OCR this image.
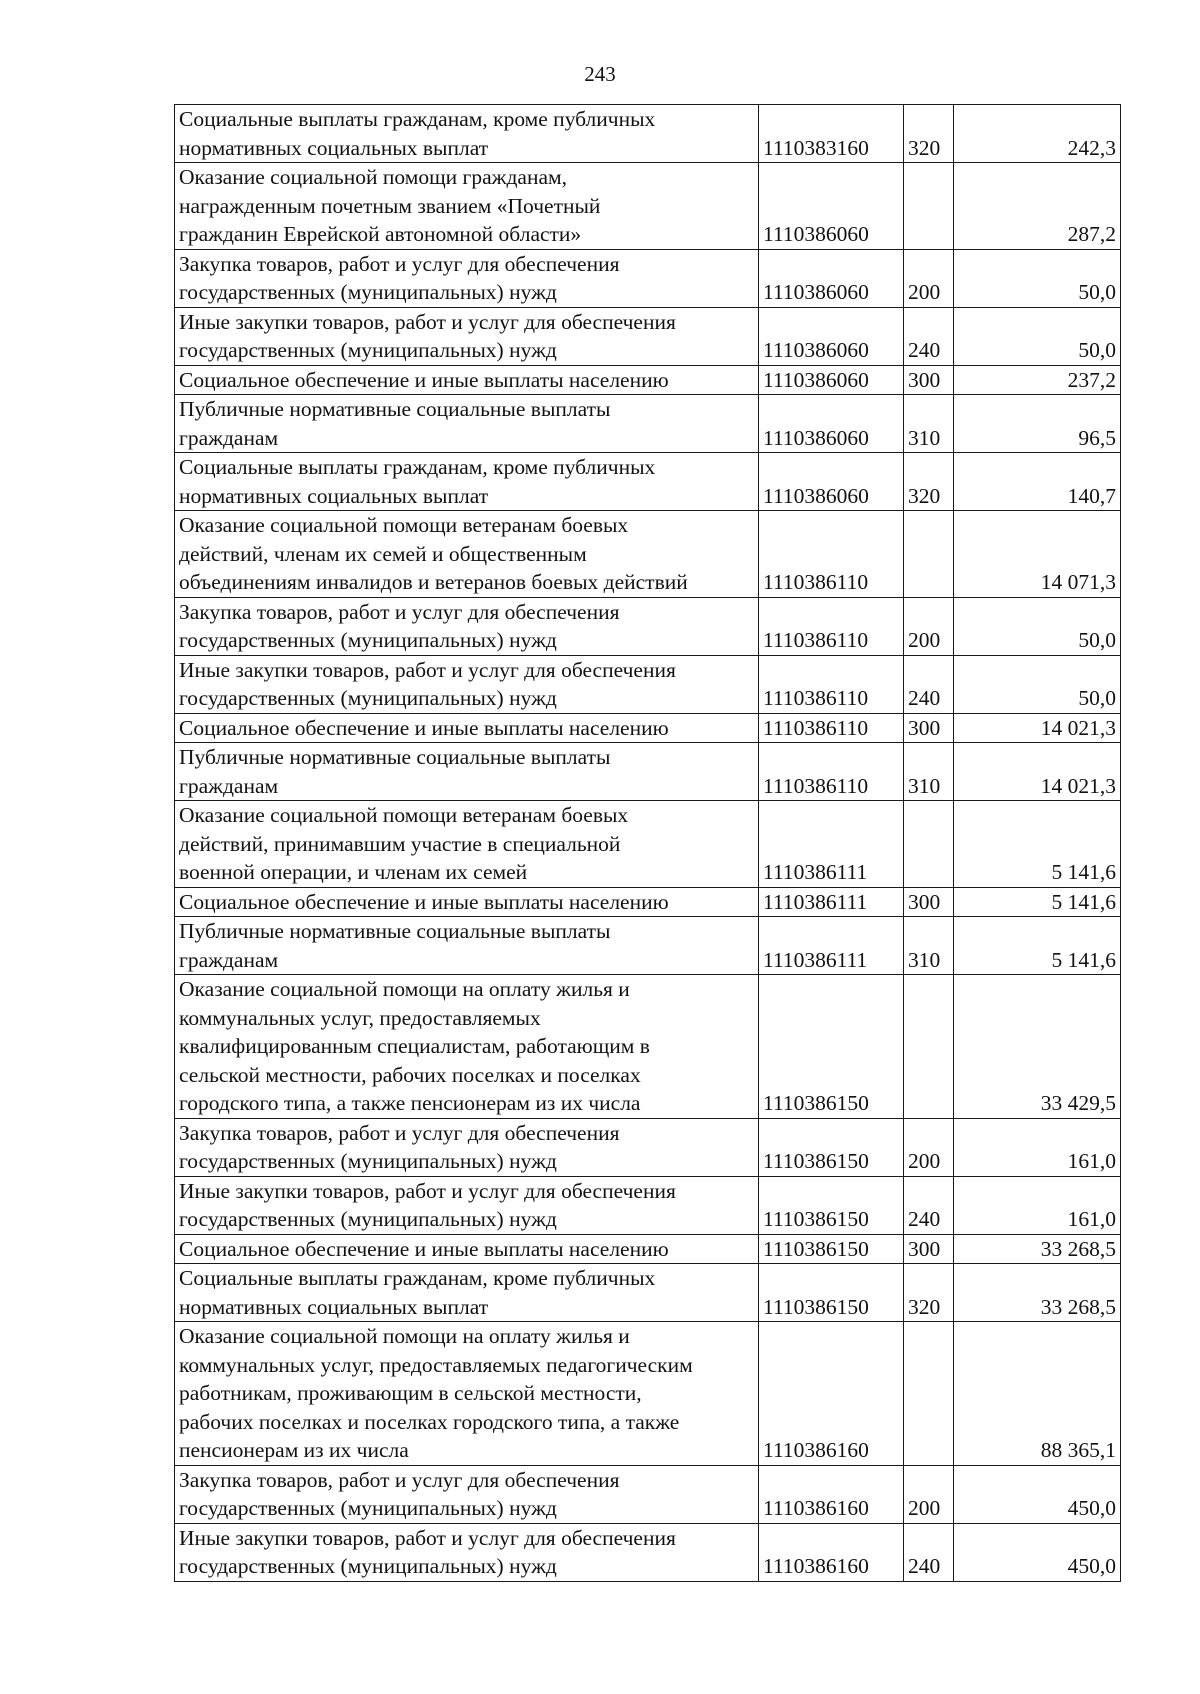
243
Социальные выплаты гражданам, кроме публичных
нормативных социальных выплат	1110383160	320	242,3
Оказание социальной помощи гражданам,
награжденным почетным званием «Почетный
гражданин Еврейской автономной области»	1110386060		287,2
Закупка товаров, работ и услуг для обеспечения
государственных (муниципальных) нужд	1110386060	200	50,0
Иные закупки товаров, работ и услуг для обеспечения
государственных (муниципальных) нужд	1110386060	240	50,0
Социальное обеспечение и иные выплаты населению	1110386060	300	237,2
Публичные нормативные социальные выплаты
гражданам	1110386060	310	96,5
Социальные выплаты гражданам, кроме публичных
нормативных социальных выплат	1110386060	320	140,7
Оказание социальной помощи ветеранам боевых
действий, членам их семей и общественным
объединениям инвалидов и ветеранов боевых действий	1110386110		14 071,3
Закупка товаров, работ и услуг для обеспечения
государственных (муниципальных) нужд	1110386110	200	50,0
Иные закупки товаров, работ и услуг для обеспечения
государственных (муниципальных) нужд	1110386110	240	50,0
Социальное обеспечение и иные выплаты населению	1110386110	300	14 021,3
Публичные нормативные социальные выплаты
гражданам	1110386110	310	14 021,3
Оказание социальной помощи ветеранам боевых
действий, принимавшим участие в специальной
военной операции, и членам их семей	1110386111		5 141,6
Социальное обеспечение и иные выплаты населению	1110386111	300	5 141,6
Публичные нормативные социальные выплаты
гражданам	1110386111	310	5 141,6
Оказание социальной помощи на оплату жилья и
коммунальных услуг, предоставляемых
квалифицированным специалистам, работающим в
сельской местности, рабочих поселках и поселках
городского типа, а также пенсионерам из их числа	1110386150		33 429,5
Закупка товаров, работ и услуг для обеспечения
государственных (муниципальных) нужд	1110386150	200	161,0
Иные закупки товаров, работ и услуг для обеспечения
государственных (муниципальных) нужд	1110386150	240	161,0
Социальное обеспечение и иные выплаты населению	1110386150	300	33 268,5
Социальные выплаты гражданам, кроме публичных
нормативных социальных выплат	1110386150	320	33 268,5
Оказание социальной помощи на оплату жилья и
коммунальных услуг, предоставляемых педагогическим
работникам, проживающим в сельской местности,
рабочих поселках и поселках городского типа, а также
пенсионерам из их числа	1110386160		88 365,1
Закупка товаров, работ и услуг для обеспечения
государственных (муниципальных) нужд	1110386160	200	450,0
Иные закупки товаров, работ и услуг для обеспечения
государственных (муниципальных) нужд	1110386160	240	450,0
